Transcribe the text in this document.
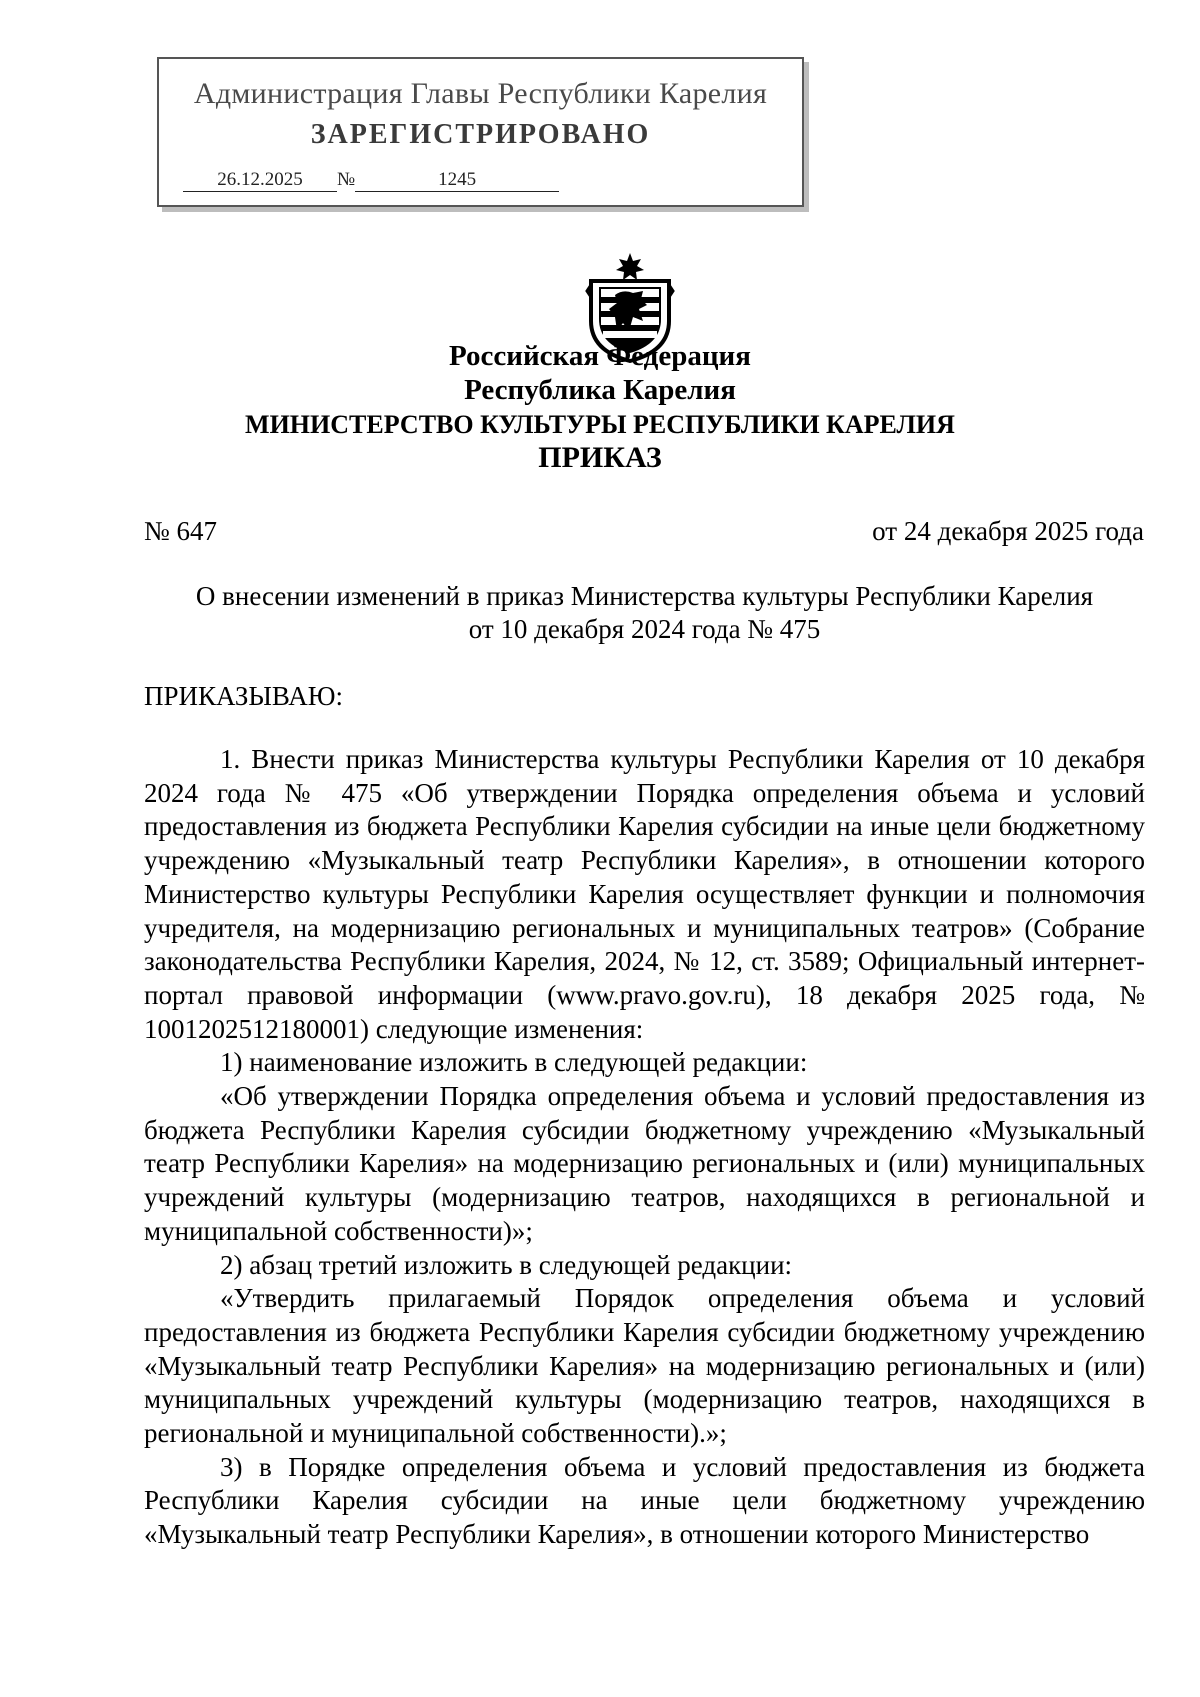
Администрация Главы Республики Карелия
ЗАРЕГИСТРИРОВАНО
26.12.2025 №	1245
Российская Федерация
Республика Карелия
МИНИСТЕРСТВО КУЛЬТУРЫ РЕСПУБЛИКИ КАРЕЛИЯ
ПРИКАЗ
№ 647	от 24 декабря 2025 года
О внесении изменений в приказ Министерства культуры Республики Карелия
от 10 декабря 2024 года № 475
ПРИКАЗЫВАЮ:

1. Внести приказ Министерства культуры Республики Карелия от 10 декабря 2024 года № 475 «Об утверждении Порядка определения объема и условий предоставления из бюджета Республики Карелия субсидии на иные цели бюджетному учреждению «Музыкальный театр Республики Карелия», в отношении которого Министерство культуры Республики Карелия осуществляет функции и полномочия учредителя, на модернизацию региональных и муниципальных театров» (Собрание законодательства Республики Карелия, 2024, № 12, ст. 3589; Официальный интернет-портал правовой информации (www.pravo.gov.ru), 18 декабря 2025 года, № 1001202512180001) следующие изменения:

1) наименование изложить в следующей редакции:

«Об утверждении Порядка определения объема и условий предоставления из бюджета Республики Карелия субсидии бюджетному учреждению «Музыкальный театр Республики Карелия» на модернизацию региональных и (или) муниципальных учреждений культуры (модернизацию театров, находящихся в региональной и муниципальной собственности)»;

2) абзац третий изложить в следующей редакции:

«Утвердить прилагаемый Порядок определения объема и условий предоставления из бюджета Республики Карелия субсидии бюджетному учреждению «Музыкальный театр Республики Карелия» на модернизацию региональных и (или) муниципальных учреждений культуры (модернизацию театров, находящихся в региональной и муниципальной собственности).»;

3) в Порядке определения объема и условий предоставления из бюджета Республики Карелия субсидии на иные цели бюджетному учреждению «Музыкальный театр Республики Карелия», в отношении которого Министерство
